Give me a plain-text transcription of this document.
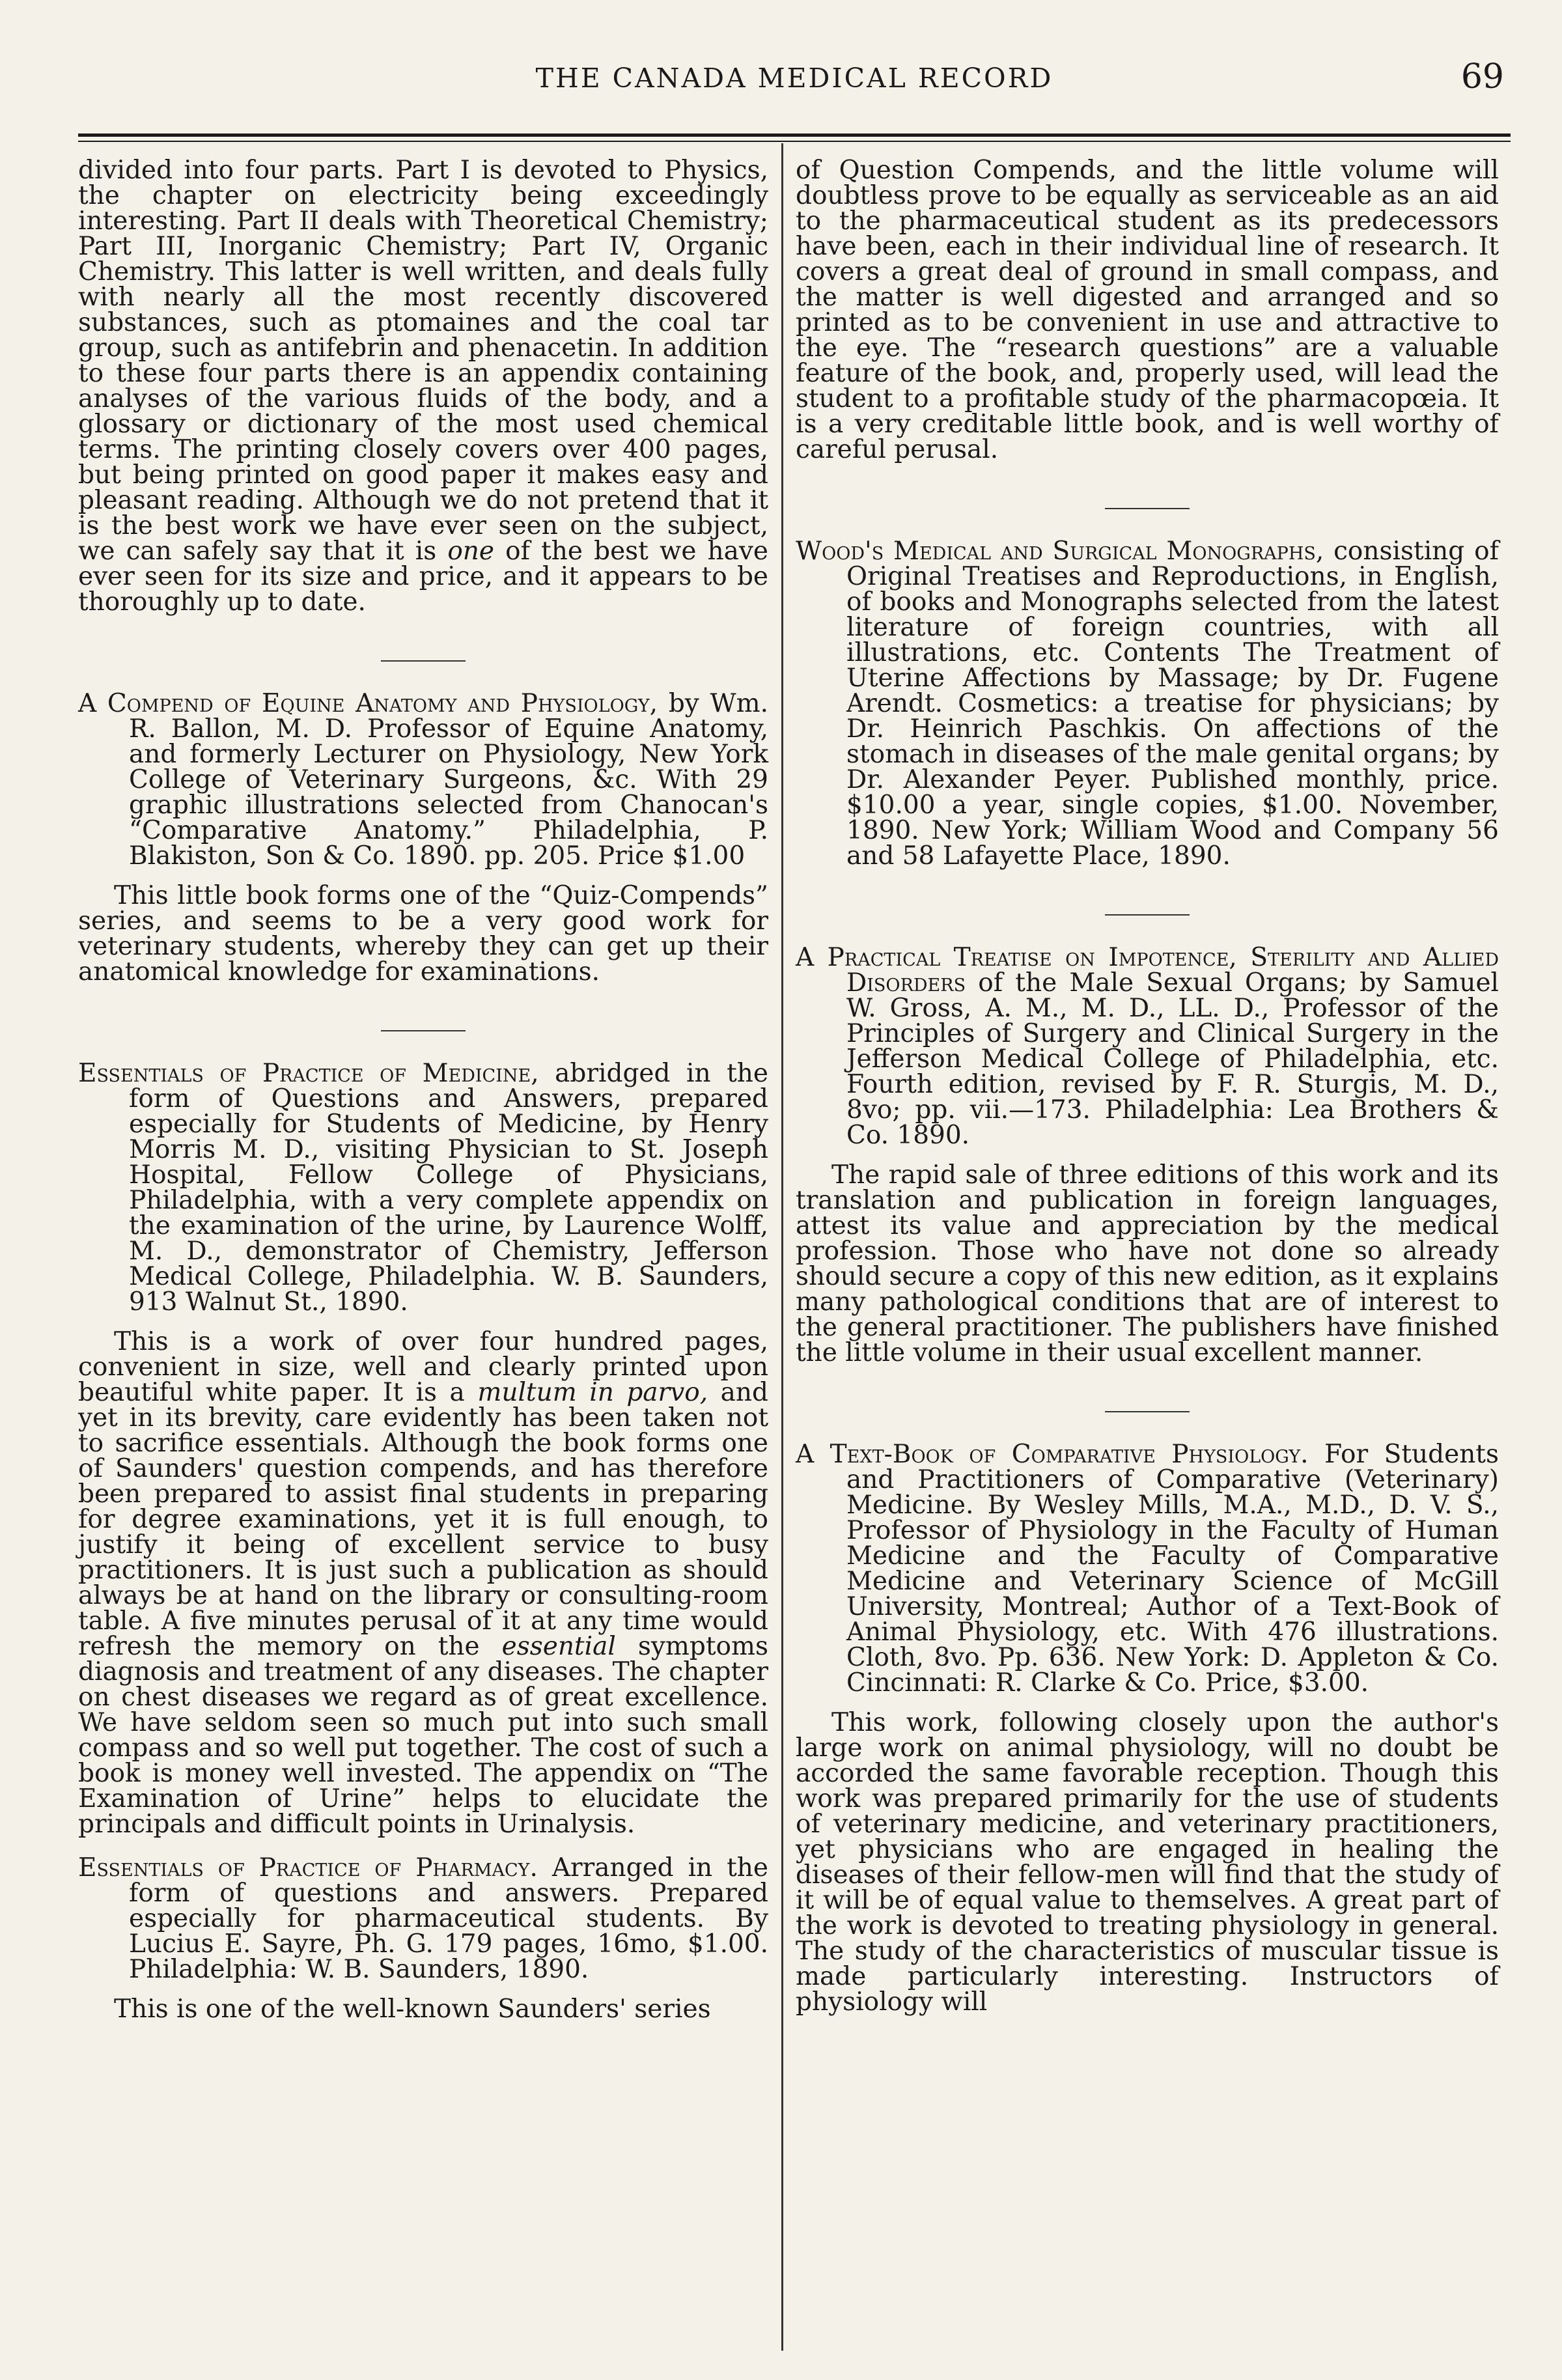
THE CANADA MEDICAL RECORD	69

divided into four parts. Part I is devoted to Physics, the chapter on electricity being exceedingly interesting. Part II deals with Theoretical Chemistry; Part III, Inorganic Chemistry; Part IV, Organic Chemistry. This latter is well written, and deals fully with nearly all the most recently discovered substances, such as ptomaines and the coal tar group, such as antifebrin and phenacetin. In addition to these four parts there is an appendix containing analyses of the various fluids of the body, and a glossary or dictionary of the most used chemical terms. The printing closely covers over 400 pages, but being printed on good paper it makes easy and pleasant reading. Although we do not pretend that it is the best work we have ever seen on the subject, we can safely say that it is one of the best we have ever seen for its size and price, and it appears to be thoroughly up to date.

A Compend of Equine Anatomy and Physiology, by Wm. R. Ballon, M. D. Professor of Equine Anatomy, and formerly Lecturer on Physiology, New York College of Veterinary Surgeons, &c. With 29 graphic illustrations selected from Chanocan's “Comparative Anatomy.” Philadelphia, P. Blakiston, Son & Co. 1890. pp. 205. Price $1.00

This little book forms one of the “Quiz-Compends” series, and seems to be a very good work for veterinary students, whereby they can get up their anatomical knowledge for examinations.

Essentials of Practice of Medicine, abridged in the form of Questions and Answers, prepared especially for Students of Medicine, by Henry Morris M. D., visiting Physician to St. Joseph Hospital, Fellow College of Physicians, Philadelphia, with a very complete appendix on the examination of the urine, by Laurence Wolff, M. D., demonstrator of Chemistry, Jefferson Medical College, Philadelphia. W. B. Saunders, 913 Walnut St., 1890.

This is a work of over four hundred pages, convenient in size, well and clearly printed upon beautiful white paper. It is a multum in parvo, and yet in its brevity, care evidently has been taken not to sacrifice essentials. Although the book forms one of Saunders' question compends, and has therefore been prepared to assist final students in preparing for degree examinations, yet it is full enough, to justify it being of excellent service to busy practitioners. It is just such a publication as should always be at hand on the library or consulting-room table. A five minutes perusal of it at any time would refresh the memory on the essential symptoms diagnosis and treatment of any diseases. The chapter on chest diseases we regard as of great excellence. We have seldom seen so much put into such small compass and so well put together. The cost of such a book is money well invested. The appendix on “The Examination of Urine” helps to elucidate the principals and difficult points in Urinalysis.

Essentials of Practice of Pharmacy. Arranged in the form of questions and answers. Prepared especially for pharmaceutical students. By Lucius E. Sayre, Ph. G. 179 pages, 16mo, $1.00. Philadelphia: W. B. Saunders, 1890.

This is one of the well-known Saunders' series

of Question Compends, and the little volume will doubtless prove to be equally as serviceable as an aid to the pharmaceutical student as its predecessors have been, each in their individual line of research. It covers a great deal of ground in small compass, and the matter is well digested and arranged and so printed as to be convenient in use and attractive to the eye. The “research questions” are a valuable feature of the book, and, properly used, will lead the student to a profitable study of the pharmacopœia. It is a very creditable little book, and is well worthy of careful perusal.

Wood's Medical and Surgical Monographs, consisting of Original Treatises and Reproductions, in English, of books and Monographs selected from the latest literature of foreign countries, with all illustrations, etc. Contents The Treatment of Uterine Affections by Massage; by Dr. Fugene Arendt. Cosmetics: a treatise for physicians; by Dr. Heinrich Paschkis. On affections of the stomach in diseases of the male genital organs; by Dr. Alexander Peyer. Published monthly, price. $10.00 a year, single copies, $1.00. November, 1890. New York; William Wood and Company 56 and 58 Lafayette Place, 1890.

A Practical Treatise on Impotence, Sterility and Allied Disorders of the Male Sexual Organs; by Samuel W. Gross, A. M., M. D., LL. D., Professor of the Principles of Surgery and Clinical Surgery in the Jefferson Medical College of Philadelphia, etc. Fourth edition, revised by F. R. Sturgis, M. D., 8vo; pp. vii.—173. Philadelphia: Lea Brothers & Co. 1890.

The rapid sale of three editions of this work and its translation and publication in foreign languages, attest its value and appreciation by the medical profession. Those who have not done so already should secure a copy of this new edition, as it explains many pathological conditions that are of interest to the general practitioner. The publishers have finished the little volume in their usual excellent manner.

A Text-Book of Comparative Physiology. For Students and Practitioners of Comparative (Veterinary) Medicine. By Wesley Mills, M.A., M.D., D. V. S., Professor of Physiology in the Faculty of Human Medicine and the Faculty of Comparative Medicine and Veterinary Science of McGill University, Montreal; Author of a Text-Book of Animal Physiology, etc. With 476 illustrations. Cloth, 8vo. Pp. 636. New York: D. Appleton & Co. Cincinnati: R. Clarke & Co. Price, $3.00.

This work, following closely upon the author's large work on animal physiology, will no doubt be accorded the same favorable reception. Though this work was prepared primarily for the use of students of veterinary medicine, and veterinary practitioners, yet physicians who are engaged in healing the diseases of their fellow-men will find that the study of it will be of equal value to themselves. A great part of the work is devoted to treating physiology in general. The study of the characteristics of muscular tissue is made particularly interesting. Instructors of physiology will
